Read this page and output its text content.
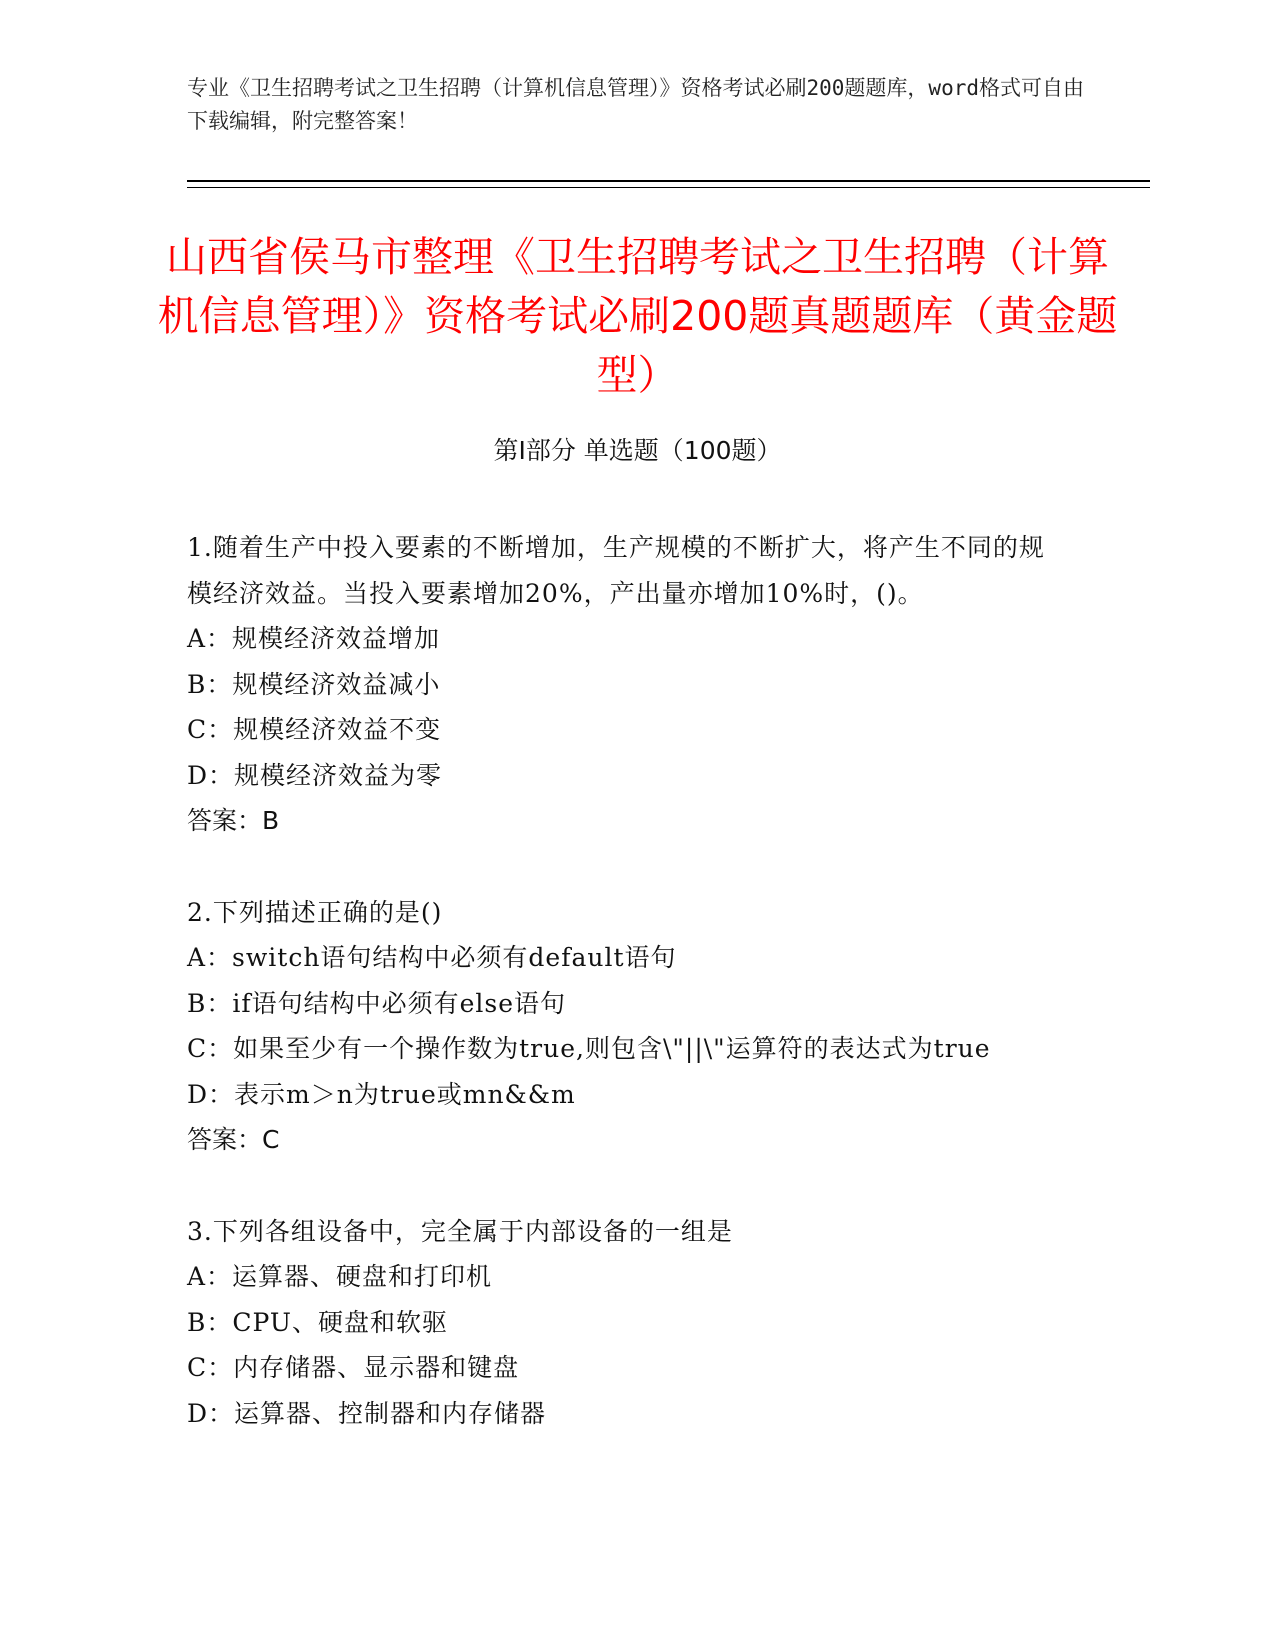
专业《卫生招聘考试之卫生招聘（计算机信息管理）》资格考试必刷200题题库，word格式可自由下载编辑，附完整答案！
山西省侯马市整理《卫生招聘考试之卫生招聘（计算机信息管理）》资格考试必刷200题真题题库（黄金题型）
第Ⅰ部分 单选题（100题）
1.随着生产中投入要素的不断增加，生产规模的不断扩大，将产生不同的规模经济效益。当投入要素增加20%，产出量亦增加10%时，()。
A：规模经济效益增加
B：规模经济效益减小
C：规模经济效益不变
D：规模经济效益为零
答案：B
2.下列描述正确的是()
A：switch语句结构中必须有default语句
B：if语句结构中必须有else语句
C：如果至少有一个操作数为true,则包含\"||\"运算符的表达式为true
D：表示m＞n为true或mn&&m
答案：C
3.下列各组设备中，完全属于内部设备的一组是
A：运算器、硬盘和打印机
B：CPU、硬盘和软驱
C：内存储器、显示器和键盘
D：运算器、控制器和内存储器
